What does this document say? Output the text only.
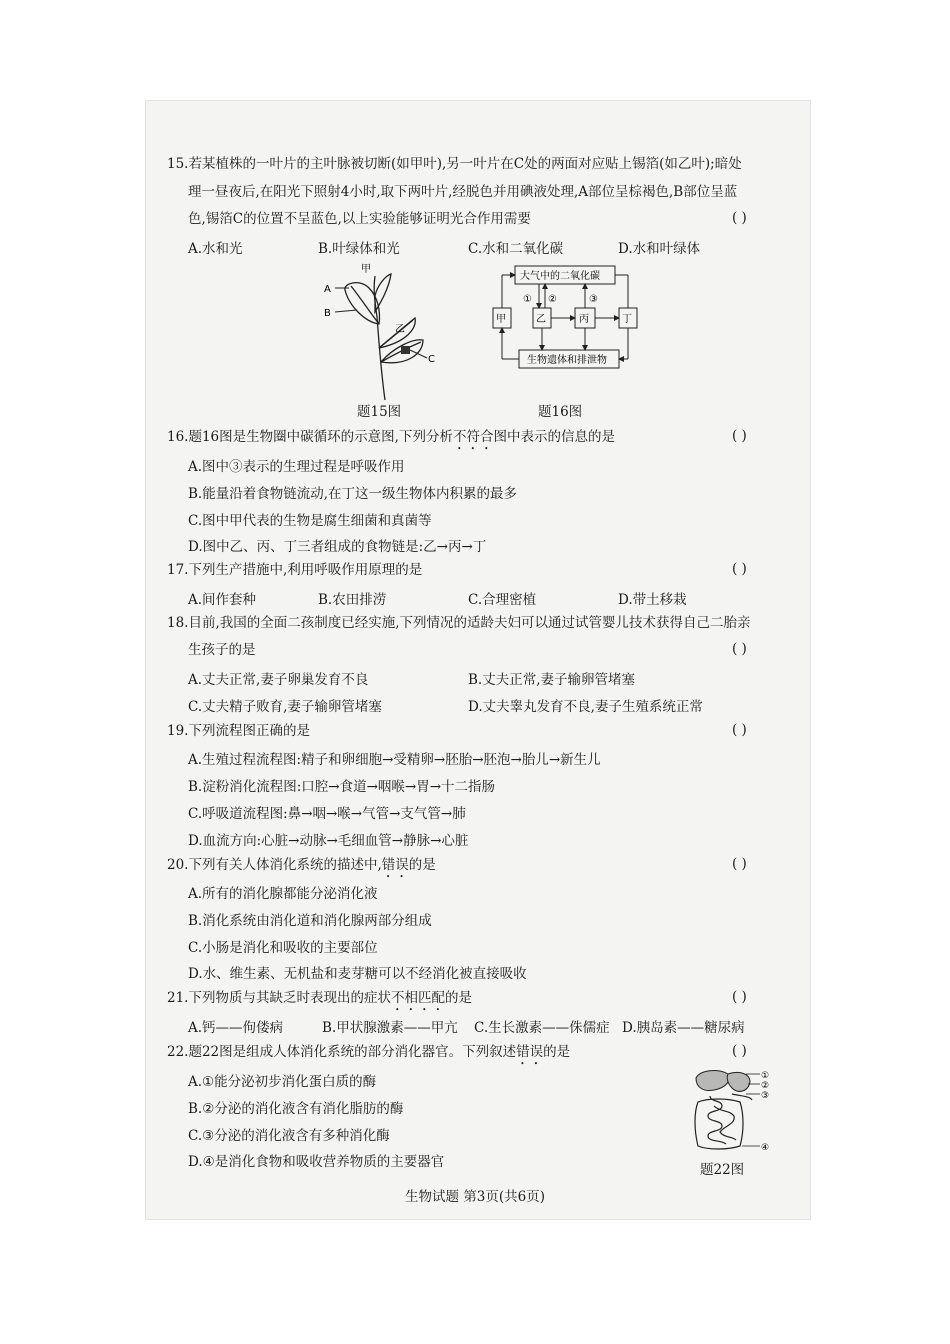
15.若某植株的一叶片的主叶脉被切断(如甲叶),另一叶片在C处的两面对应贴上锡箔(如乙叶);暗处
理一昼夜后,在阳光下照射4小时,取下两叶片,经脱色并用碘液处理,A部位呈棕褐色,B部位呈蓝
色,锡箔C的位置不呈蓝色,以上实验能够证明光合作用需要	( )
A.水和光	B.叶绿体和光	C.水和二氧化碳	D.水和叶绿体
甲
A
B
乙
C
题15图
大气中的二氧化碳
甲	乙	丙	丁
① ②	③
生物遗体和排泄物
题16图
16.题16图是生物圈中碳循环的示意图,下列分析不符合图中表示的信息的是	( )
A.图中③表示的生理过程是呼吸作用
B.能量沿着食物链流动,在丁这一级生物体内积累的最多
C.图中甲代表的生物是腐生细菌和真菌等
D.图中乙、丙、丁三者组成的食物链是:乙→丙→丁
17.下列生产措施中,利用呼吸作用原理的是	( )
A.间作套种	B.农田排涝	C.合理密植	D.带土移栽
18.目前,我国的全面二孩制度已经实施,下列情况的适龄夫妇可以通过试管婴儿技术获得自己二胎亲
生孩子的是	( )
A.丈夫正常,妻子卵巢发育不良	B.丈夫正常,妻子输卵管堵塞
C.丈夫精子败育,妻子输卵管堵塞	D.丈夫睾丸发育不良,妻子生殖系统正常
19.下列流程图正确的是	( )
A.生殖过程流程图:精子和卵细胞→受精卵→胚胎→胚泡→胎儿→新生儿
B.淀粉消化流程图:口腔→食道→咽喉→胃→十二指肠
C.呼吸道流程图:鼻→咽→喉→气管→支气管→肺
D.血流方向:心脏→动脉→毛细血管→静脉→心脏
20.下列有关人体消化系统的描述中,错误的是	( )
A.所有的消化腺都能分泌消化液
B.消化系统由消化道和消化腺两部分组成
C.小肠是消化和吸收的主要部位
D.水、维生素、无机盐和麦芽糖可以不经消化被直接吸收
21.下列物质与其缺乏时表现出的症状不相匹配的是	( )
A.钙——佝偻病	B.甲状腺激素——甲亢 C.生长激素——侏儒症 D.胰岛素——糖尿病
22.题22图是组成人体消化系统的部分消化器官。下列叙述错误的是	( )
A.①能分泌初步消化蛋白质的酶
B.②分泌的消化液含有消化脂肪的酶
C.③分泌的消化液含有多种消化酶
D.④是消化食物和吸收营养物质的主要器官
①
②
③
④
题22图
生物试题 第3页(共6页)
